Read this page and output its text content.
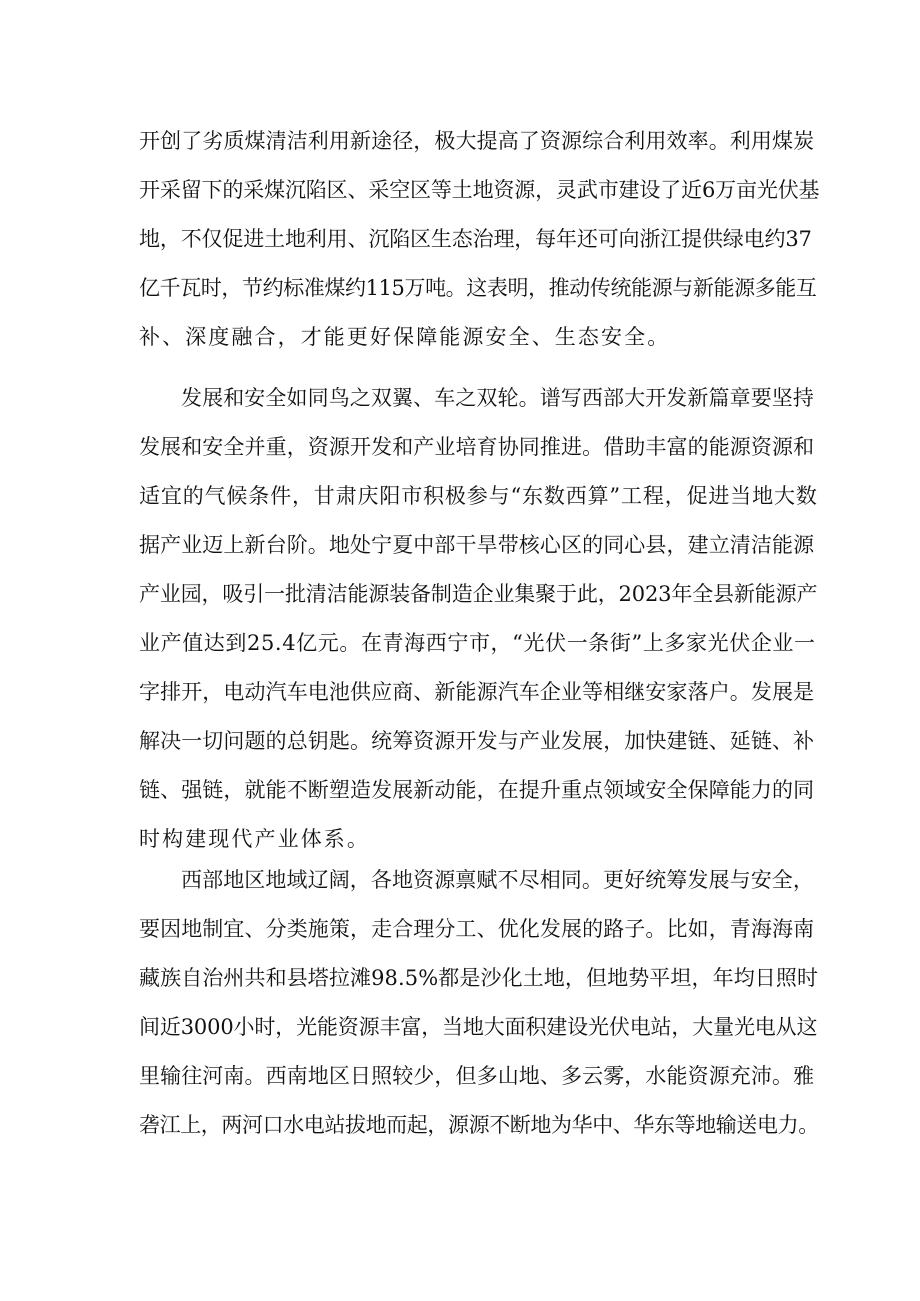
开创了劣质煤清洁利用新途径，极大提高了资源综合利用效率。利用煤炭
开采留下的采煤沉陷区、采空区等土地资源，灵武市建设了近6万亩光伏基
地，不仅促进土地利用、沉陷区生态治理，每年还可向浙江提供绿电约37
亿千瓦时，节约标准煤约115万吨。这表明，推动传统能源与新能源多能互
补、深度融合，才能更好保障能源安全、生态安全。
发展和安全如同鸟之双翼、车之双轮。谱写西部大开发新篇章要坚持
发展和安全并重，资源开发和产业培育协同推进。借助丰富的能源资源和
适宜的气候条件，甘肃庆阳市积极参与“东数西算”工程，促进当地大数
据产业迈上新台阶。地处宁夏中部干旱带核心区的同心县，建立清洁能源
产业园，吸引一批清洁能源装备制造企业集聚于此，2023年全县新能源产
业产值达到25.4亿元。在青海西宁市，“光伏一条街”上多家光伏企业一
字排开，电动汽车电池供应商、新能源汽车企业等相继安家落户。发展是
解决一切问题的总钥匙。统筹资源开发与产业发展，加快建链、延链、补
链、强链，就能不断塑造发展新动能，在提升重点领域安全保障能力的同
时构建现代产业体系。
西部地区地域辽阔，各地资源禀赋不尽相同。更好统筹发展与安全，
要因地制宜、分类施策，走合理分工、优化发展的路子。比如，青海海南
藏族自治州共和县塔拉滩98.5%都是沙化土地，但地势平坦，年均日照时
间近3000小时，光能资源丰富，当地大面积建设光伏电站，大量光电从这
里输往河南。西南地区日照较少，但多山地、多云雾，水能资源充沛。雅
砻江上，两河口水电站拔地而起，源源不断地为华中、华东等地输送电力。
